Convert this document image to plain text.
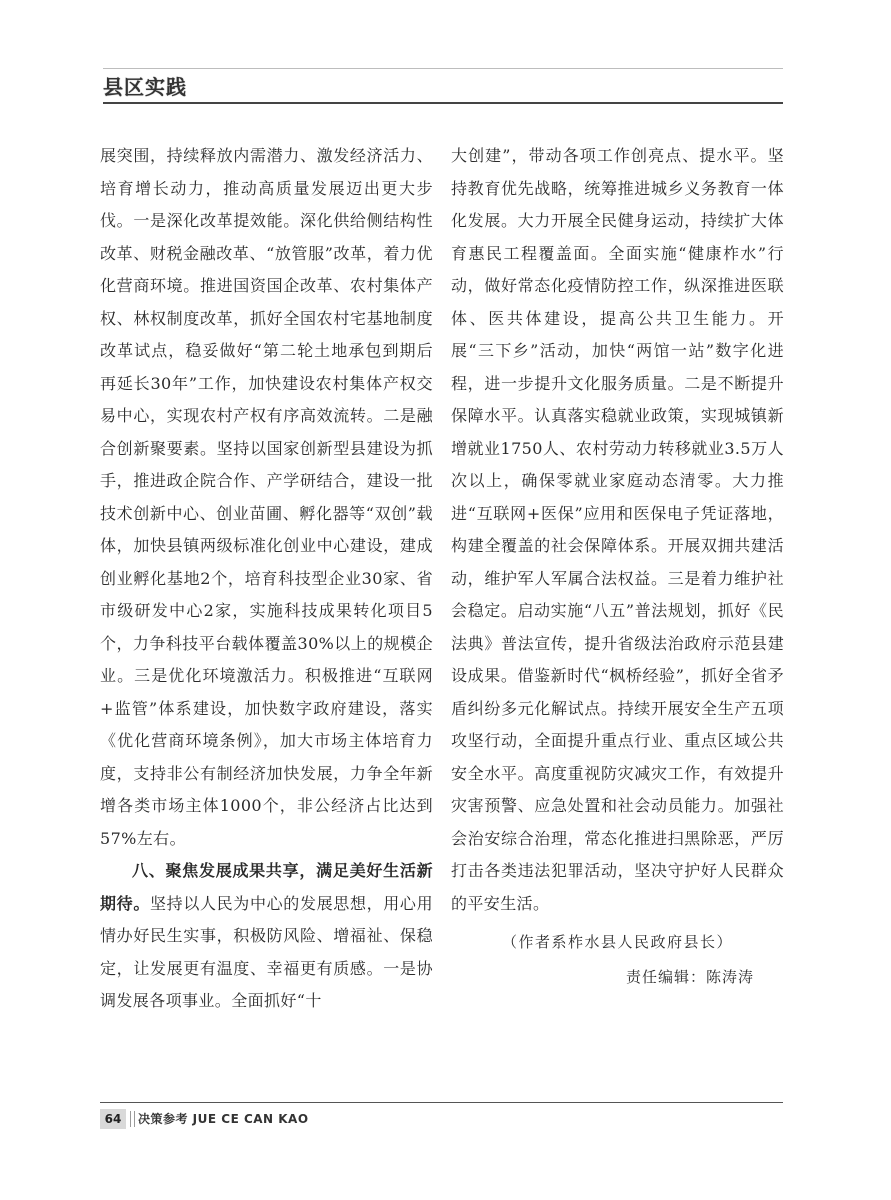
县区实践

展突围，持续释放内需潜力、激发经济活力、培育增长动力，推动高质量发展迈出更大步伐。一是深化改革提效能。深化供给侧结构性改革、财税金融改革、“放管服”改革，着力优化营商环境。推进国资国企改革、农村集体产权、林权制度改革，抓好全国农村宅基地制度改革试点，稳妥做好“第二轮土地承包到期后再延长30年”工作，加快建设农村集体产权交易中心，实现农村产权有序高效流转。二是融合创新聚要素。坚持以国家创新型县建设为抓手，推进政企院合作、产学研结合，建设一批技术创新中心、创业苗圃、孵化器等“双创”载体，加快县镇两级标准化创业中心建设，建成创业孵化基地2个，培育科技型企业30家、省市级研发中心2家，实施科技成果转化项目5个，力争科技平台载体覆盖30%以上的规模企业。三是优化环境激活力。积极推进“互联网+监管”体系建设，加快数字政府建设，落实《优化营商环境条例》，加大市场主体培育力度，支持非公有制经济加快发展，力争全年新增各类市场主体1000个，非公经济占比达到57%左右。

八、聚焦发展成果共享，满足美好生活新期待。坚持以人民为中心的发展思想，用心用情办好民生实事，积极防风险、增福祉、保稳定，让发展更有温度、幸福更有质感。一是协调发展各项事业。全面抓好“十

大创建”，带动各项工作创亮点、提水平。坚持教育优先战略，统筹推进城乡义务教育一体化发展。大力开展全民健身运动，持续扩大体育惠民工程覆盖面。全面实施“健康柞水”行动，做好常态化疫情防控工作，纵深推进医联体、医共体建设，提高公共卫生能力。开展“三下乡”活动，加快“两馆一站”数字化进程，进一步提升文化服务质量。二是不断提升保障水平。认真落实稳就业政策，实现城镇新增就业1750人、农村劳动力转移就业3.5万人次以上，确保零就业家庭动态清零。大力推进“互联网+医保”应用和医保电子凭证落地，构建全覆盖的社会保障体系。开展双拥共建活动，维护军人军属合法权益。三是着力维护社会稳定。启动实施“八五”普法规划，抓好《民法典》普法宣传，提升省级法治政府示范县建设成果。借鉴新时代“枫桥经验”，抓好全省矛盾纠纷多元化解试点。持续开展安全生产五项攻坚行动，全面提升重点行业、重点区域公共安全水平。高度重视防灾减灾工作，有效提升灾害预警、应急处置和社会动员能力。加强社会治安综合治理，常态化推进扫黑除恶，严厉打击各类违法犯罪活动，坚决守护好人民群众的平安生活。

（作者系柞水县人民政府县长）
责任编辑：陈涛涛
64	决策参考 JUE CE CAN KAO
